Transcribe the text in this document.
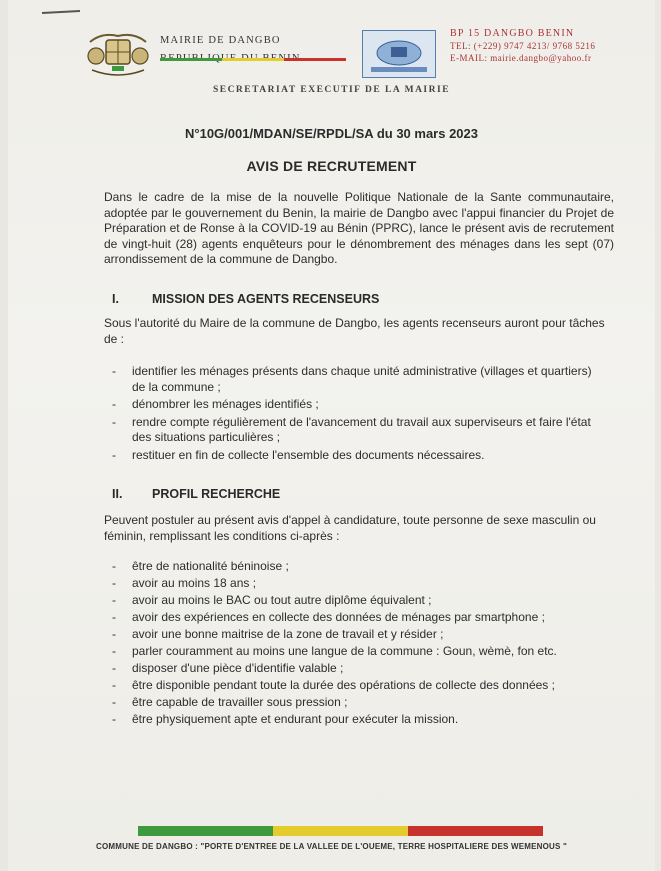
MAIRIE DE DANGBO
BP 15 DANGBO BENIN
TEL: (+229) 9747 4213/ 9768 5216
E-MAIL: mairie.dangbo@yahoo.fr
SECRETARIAT EXECUTIF DE LA MAIRIE
N°10G/001/MDAN/SE/RPDL/SA du 30 mars 2023
AVIS DE RECRUTEMENT
Dans le cadre de la mise de la nouvelle Politique Nationale de la Sante communautaire, adoptée par le gouvernement du Benin, la mairie de Dangbo avec l'appui financier du Projet de Préparation et de Ronse à la COVID-19 au Bénin (PPRC), lance le présent avis de recrutement de vingt-huit (28) agents enquêteurs pour le dénombrement des ménages dans les sept (07) arrondissement de la commune de Dangbo.
I.	MISSION DES AGENTS RECENSEURS
Sous l'autorité du Maire de la commune de Dangbo, les agents recenseurs auront pour tâches de :
- identifier les ménages présents dans chaque unité administrative (villages et quartiers) de la commune ;
- dénombrer les ménages identifiés ;
- rendre compte régulièrement de l'avancement du travail aux superviseurs et faire l'état des situations particulières ;
- restituer en fin de collecte l'ensemble des documents nécessaires.
II. PROFIL RECHERCHE
Peuvent postuler au présent avis d'appel à candidature, toute personne de sexe masculin ou féminin, remplissant les conditions ci-après :
- être de nationalité béninoise ;
- avoir au moins 18 ans ;
- avoir au moins le BAC ou tout autre diplôme équivalent ;
- avoir des expériences en collecte des données de ménages par smartphone ;
- avoir une bonne maitrise de la zone de travail et y résider ;
- parler couramment au moins une langue de la commune : Goun, wèmè, fon etc.
- disposer d'une pièce d'identifie valable ;
- être disponible pendant toute la durée des opérations de collecte des données ;
- être capable de travailler sous pression ;
- être physiquement apte et endurant pour exécuter la mission.
COMMUNE DE DANGBO : "PORTE D'ENTREE DE LA VALLEE DE L'OUEME, TERRE HOSPITALIERE DES WEMENOUS "
